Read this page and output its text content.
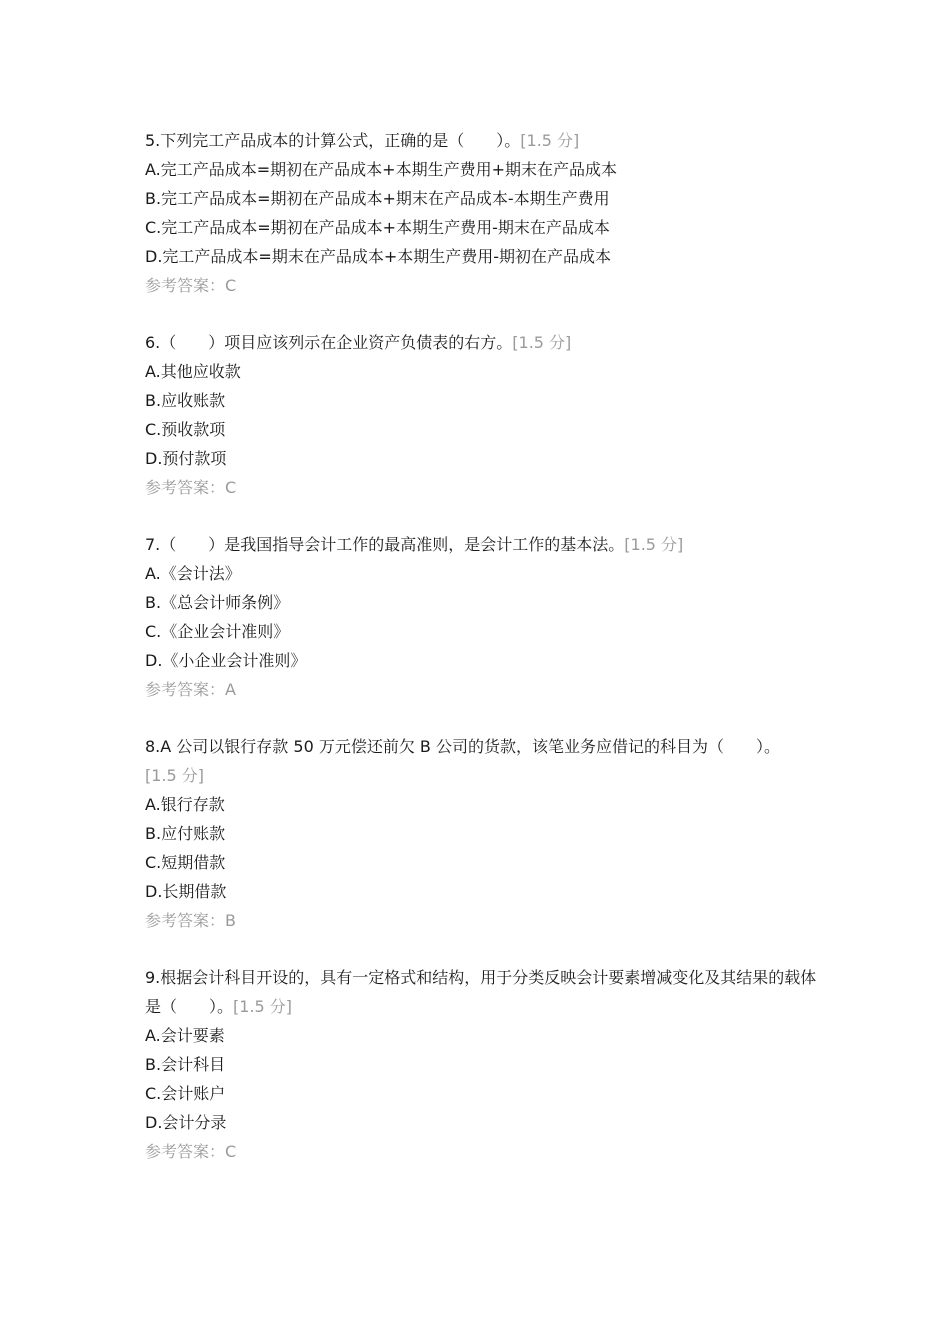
5.下列完工产品成本的计算公式，正确的是（　　）。[1.5 分]
A.完工产品成本=期初在产品成本+本期生产费用+期末在产品成本
B.完工产品成本=期初在产品成本+期末在产品成本-本期生产费用
C.完工产品成本=期初在产品成本+本期生产费用-期末在产品成本
D.完工产品成本=期末在产品成本+本期生产费用-期初在产品成本
参考答案：C
6.（　　）项目应该列示在企业资产负债表的右方。[1.5 分]
A.其他应收款
B.应收账款
C.预收款项
D.预付款项
参考答案：C
7.（　　）是我国指导会计工作的最高准则，是会计工作的基本法。[1.5 分]
A.《会计法》
B.《总会计师条例》
C.《企业会计准则》
D.《小企业会计准则》
参考答案：A
8.A 公司以银行存款 50 万元偿还前欠 B 公司的货款，该笔业务应借记的科目为（　　）。
[1.5 分]
A.银行存款
B.应付账款
C.短期借款
D.长期借款
参考答案：B
9.根据会计科目开设的，具有一定格式和结构，用于分类反映会计要素增减变化及其结果的载体是（　　）。[1.5 分]
A.会计要素
B.会计科目
C.会计账户
D.会计分录
参考答案：C
